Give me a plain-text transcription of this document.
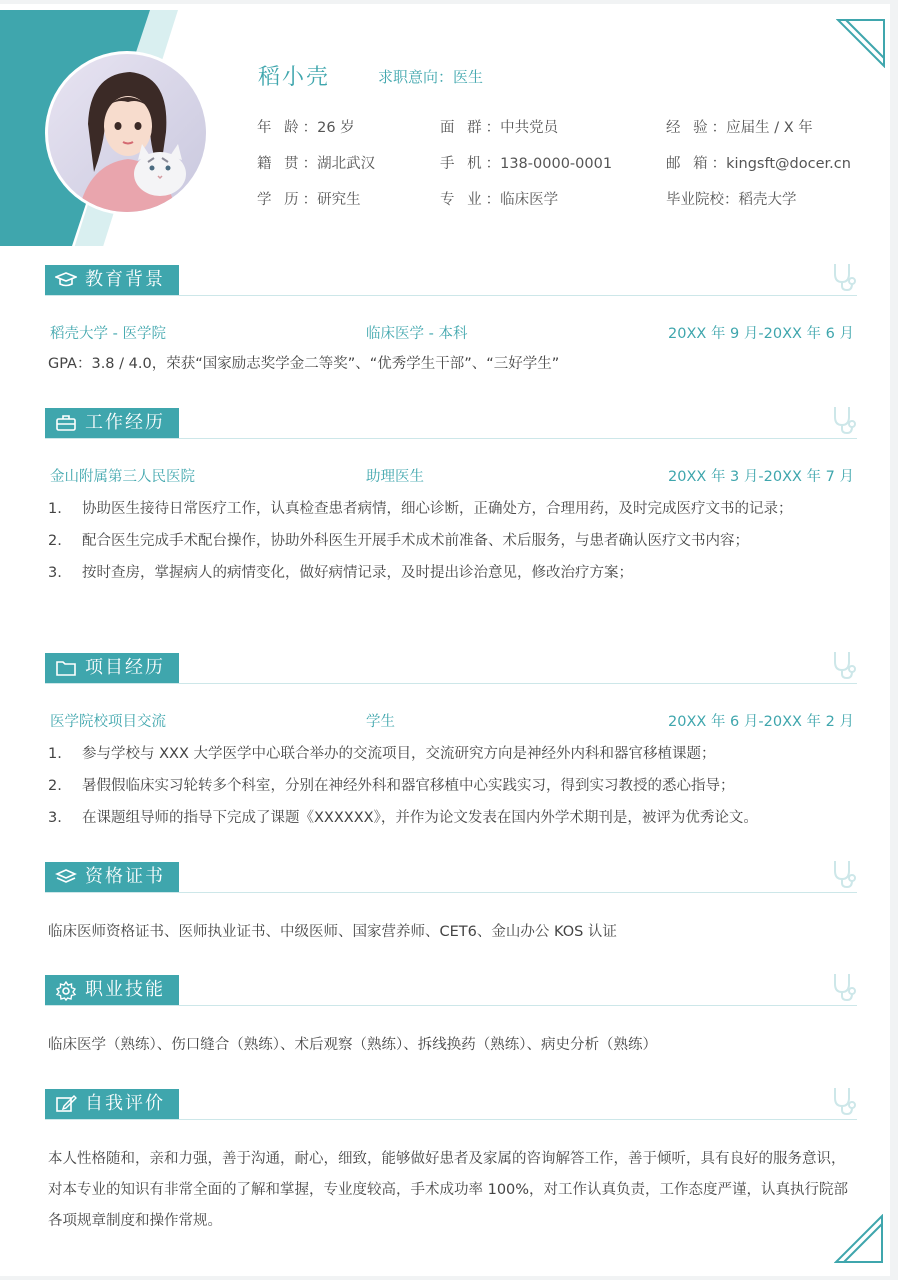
稻小壳	求职意向：医生
年 龄：26 岁	面 群：中共党员	经 验：应届生 / X 年
籍 贯：湖北武汉	手 机：138-0000-0001	邮 箱：kingsft@docer.cn
学 历：研究生	专 业：临床医学	毕业院校：稻壳大学
教育背景
稻壳大学 - 医学院	临床医学 - 本科	20XX 年 9 月-20XX 年 6 月
GPA：3.8 / 4.0，荣获“国家励志奖学金二等奖”、“优秀学生干部”、“三好学生”
工作经历
金山附属第三人民医院	助理医生	20XX 年 3 月-20XX 年 7 月
1. 协助医生接待日常医疗工作，认真检查患者病情，细心诊断，正确处方，合理用药，及时完成医疗文书的记录；
2. 配合医生完成手术配台操作，协助外科医生开展手术成术前准备、术后服务，与患者确认医疗文书内容；
3. 按时查房，掌握病人的病情变化，做好病情记录，及时提出诊治意见，修改治疗方案；
项目经历
医学院校项目交流	学生	20XX 年 6 月-20XX 年 2 月
1. 参与学校与 XXX 大学医学中心联合举办的交流项目，交流研究方向是神经外内科和器官移植课题；
2. 暑假假临床实习轮转多个科室，分别在神经外科和器官移植中心实践实习，得到实习教授的悉心指导；
3. 在课题组导师的指导下完成了课题《XXXXXX》，并作为论文发表在国内外学术期刊是，被评为优秀论文。
资格证书
临床医师资格证书、医师执业证书、中级医师、国家营养师、CET6、金山办公 KOS 认证
职业技能
临床医学（熟练）、伤口缝合（熟练）、术后观察（熟练）、拆线换药（熟练）、病史分析（熟练）
自我评价
本人性格随和，亲和力强，善于沟通，耐心，细致，能够做好患者及家属的咨询解答工作，善于倾听，具有良好的服务意识，对本专业的知识有非常全面的了解和掌握，专业度较高，手术成功率 100%，对工作认真负责，工作态度严谨，认真执行院部各项规章制度和操作常规。
